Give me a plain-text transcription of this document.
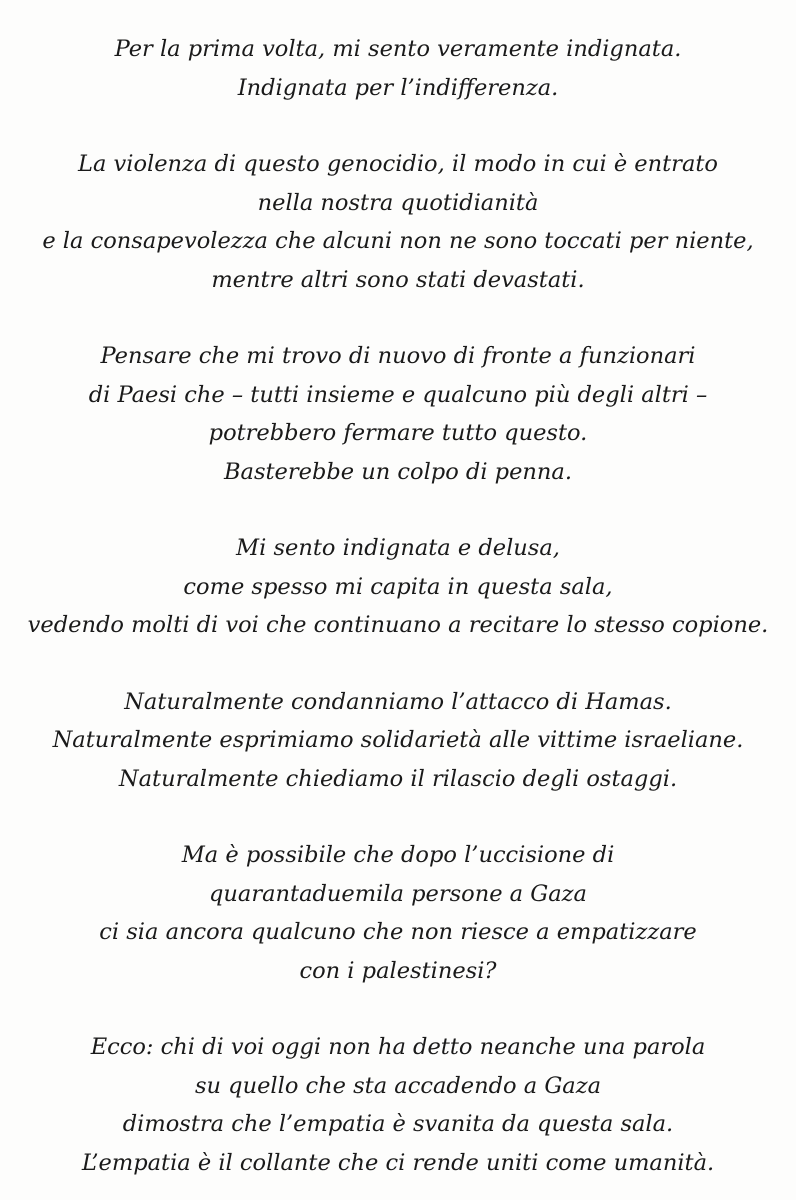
Per la prima volta, mi sento veramente indignata.
Indignata per l’indifferenza.

La violenza di questo genocidio, il modo in cui è entrato
nella nostra quotidianità
e la consapevolezza che alcuni non ne sono toccati per niente,
mentre altri sono stati devastati.

Pensare che mi trovo di nuovo di fronte a funzionari
di Paesi che – tutti insieme e qualcuno più degli altri –
potrebbero fermare tutto questo.
Basterebbe un colpo di penna.

Mi sento indignata e delusa,
come spesso mi capita in questa sala,
vedendo molti di voi che continuano a recitare lo stesso copione.

Naturalmente condanniamo l’attacco di Hamas.
Naturalmente esprimiamo solidarietà alle vittime israeliane.
Naturalmente chiediamo il rilascio degli ostaggi.

Ma è possibile che dopo l’uccisione di
quarantaduemila persone a Gaza
ci sia ancora qualcuno che non riesce a empatizzare
con i palestinesi?

Ecco: chi di voi oggi non ha detto neanche una parola
su quello che sta accadendo a Gaza
dimostra che l’empatia è svanita da questa sala.
L’empatia è il collante che ci rende uniti come umanità.
